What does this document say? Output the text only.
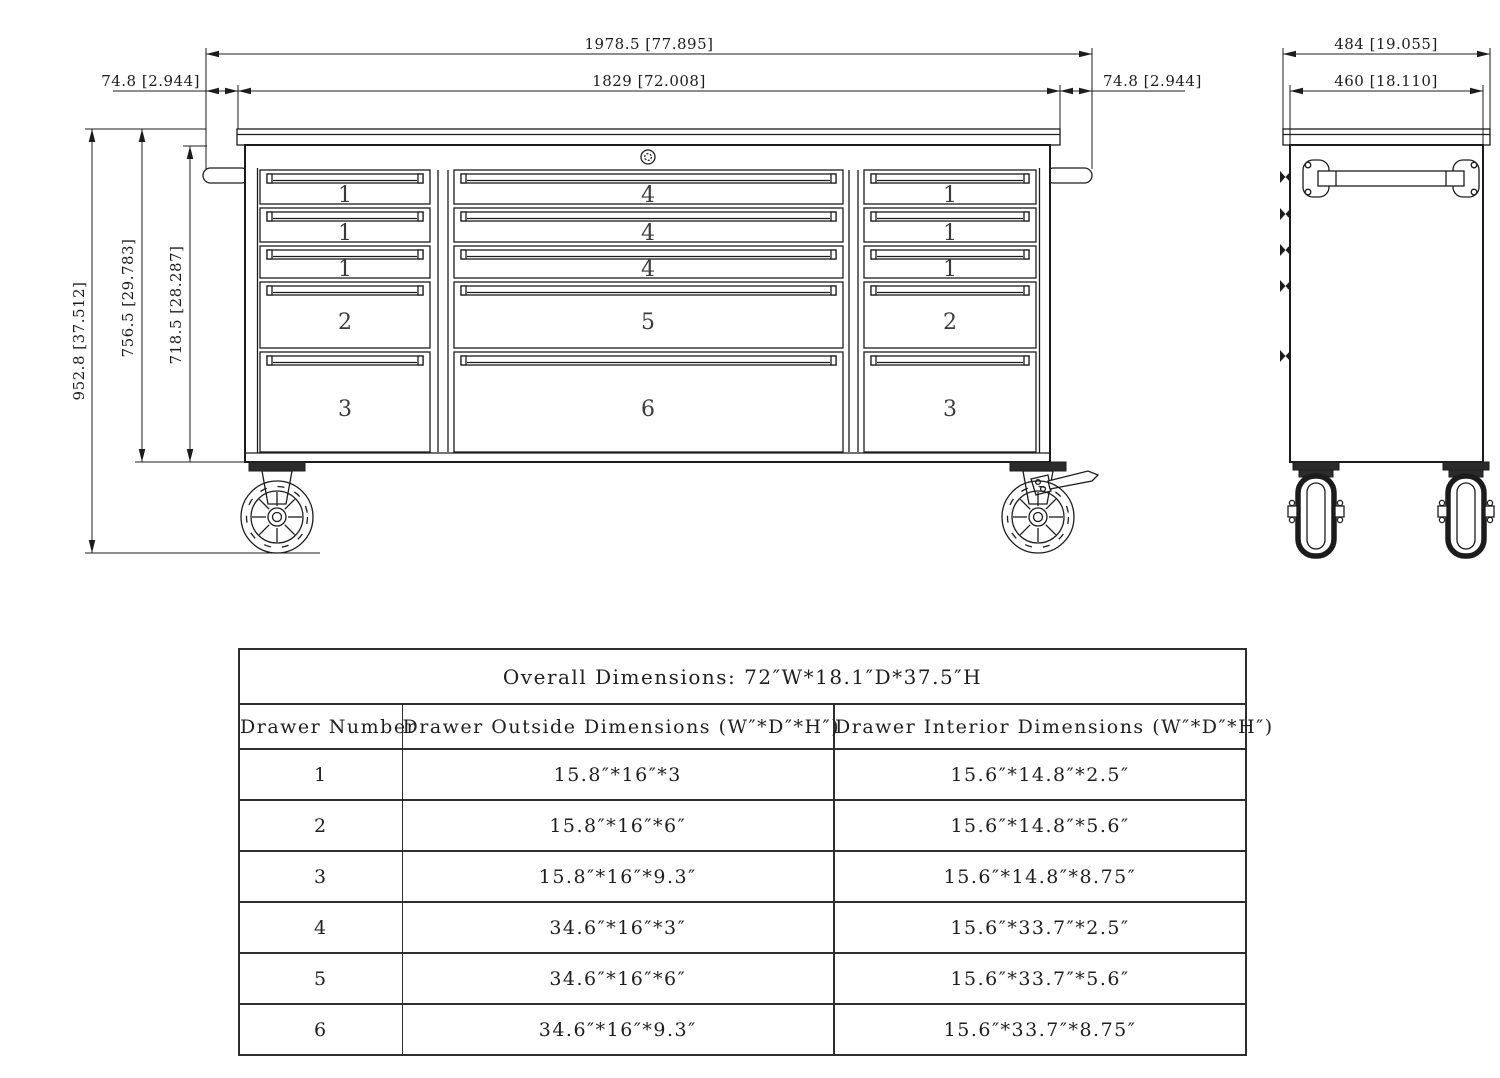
1
1
1
2
3
4
4
4
5
6
1
1
1
2
3
1978.5 [77.895]
1829 [72.008]
74.8 [2.944]	74.8 [2.944]
484 [19.055]
460 [18.110]
952.8 [37.512] 756.5 [29.783] 718.5 [28.287]
Overall Dimensions: 72″W*18.1″D*37.5″H		
Drawer Number	Drawer Outside Dimensions (W″*D″*H″)	Drawer Interior Dimensions (W″*D″*H″)
1	15.8″*16″*3	15.6″*14.8″*2.5″
2	15.8″*16″*6″	15.6″*14.8″*5.6″
3	15.8″*16″*9.3″	15.6″*14.8″*8.75″
4	34.6″*16″*3″	15.6″*33.7″*2.5″
5	34.6″*16″*6″	15.6″*33.7″*5.6″
6	34.6″*16″*9.3″	15.6″*33.7″*8.75″
